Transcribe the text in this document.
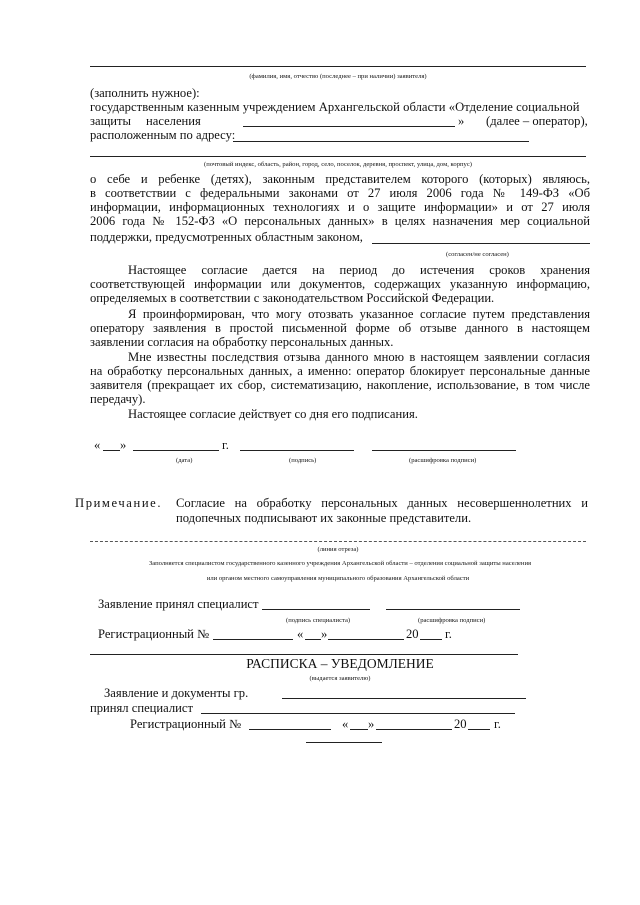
(фамилия, имя, отчество (последнее – при наличии) заявителя)
(заполнить нужное):
государственным казенным учреждением Архангельской области «Отделение социальной
защиты населения	» (далее – оператор),
расположенным по адресу:
(почтовый индекс, область, район, город, село, поселок, деревня, проспект, улица, дом, корпус)
о себе и ребенке (детях), законным представителем которого (которых) являюсь,
в соответствии с федеральными законами от 27 июля 2006 года № 149-ФЗ «Об
информации, информационных технологиях и о защите информации» и от 27 июля
2006 года № 152-ФЗ «О персональных данных» в целях назначения мер социальной
поддержки, предусмотренных областным законом,
(согласен/не согласен)
Настоящее согласие дается на период до истечения сроков хранения
соответствующей информации или документов, содержащих указанную информацию,
определяемых в соответствии с законодательством Российской Федерации.
Я проинформирован, что могу отозвать указанное согласие путем представления
оператору заявления в простой письменной форме об отзыве данного в настоящем
заявлении согласия на обработку персональных данных.
Мне известны последствия отзыва данного мною в настоящем заявлении согласия
на обработку персональных данных, а именно: оператор блокирует персональные данные
заявителя (прекращает их сбор, систематизацию, накопление, использование, в том числе
передачу).
Настоящее согласие действует со дня его подписания.
« »	г.
(дата)	(подпись)	(расшифровка подписи)
Примечание. Согласие на обработку персональных данных несовершеннолетних и
подопечных подписывают их законные представители.
(линия отреза)
Заполняется специалистом государственного казенного учреждения Архангельской области – отделения социальной защиты населения
или органом местного самоуправления муниципального образования Архангельской области
Заявление принял специалист
(подпись специалиста)	(расшифровка подписи)
Регистрационный №	« »	20 г.
РАСПИСКА – УВЕДОМЛЕНИЕ
(выдается заявителю)
Заявление и документы гр.
принял специалист
Регистрационный №	« »	20 г.
